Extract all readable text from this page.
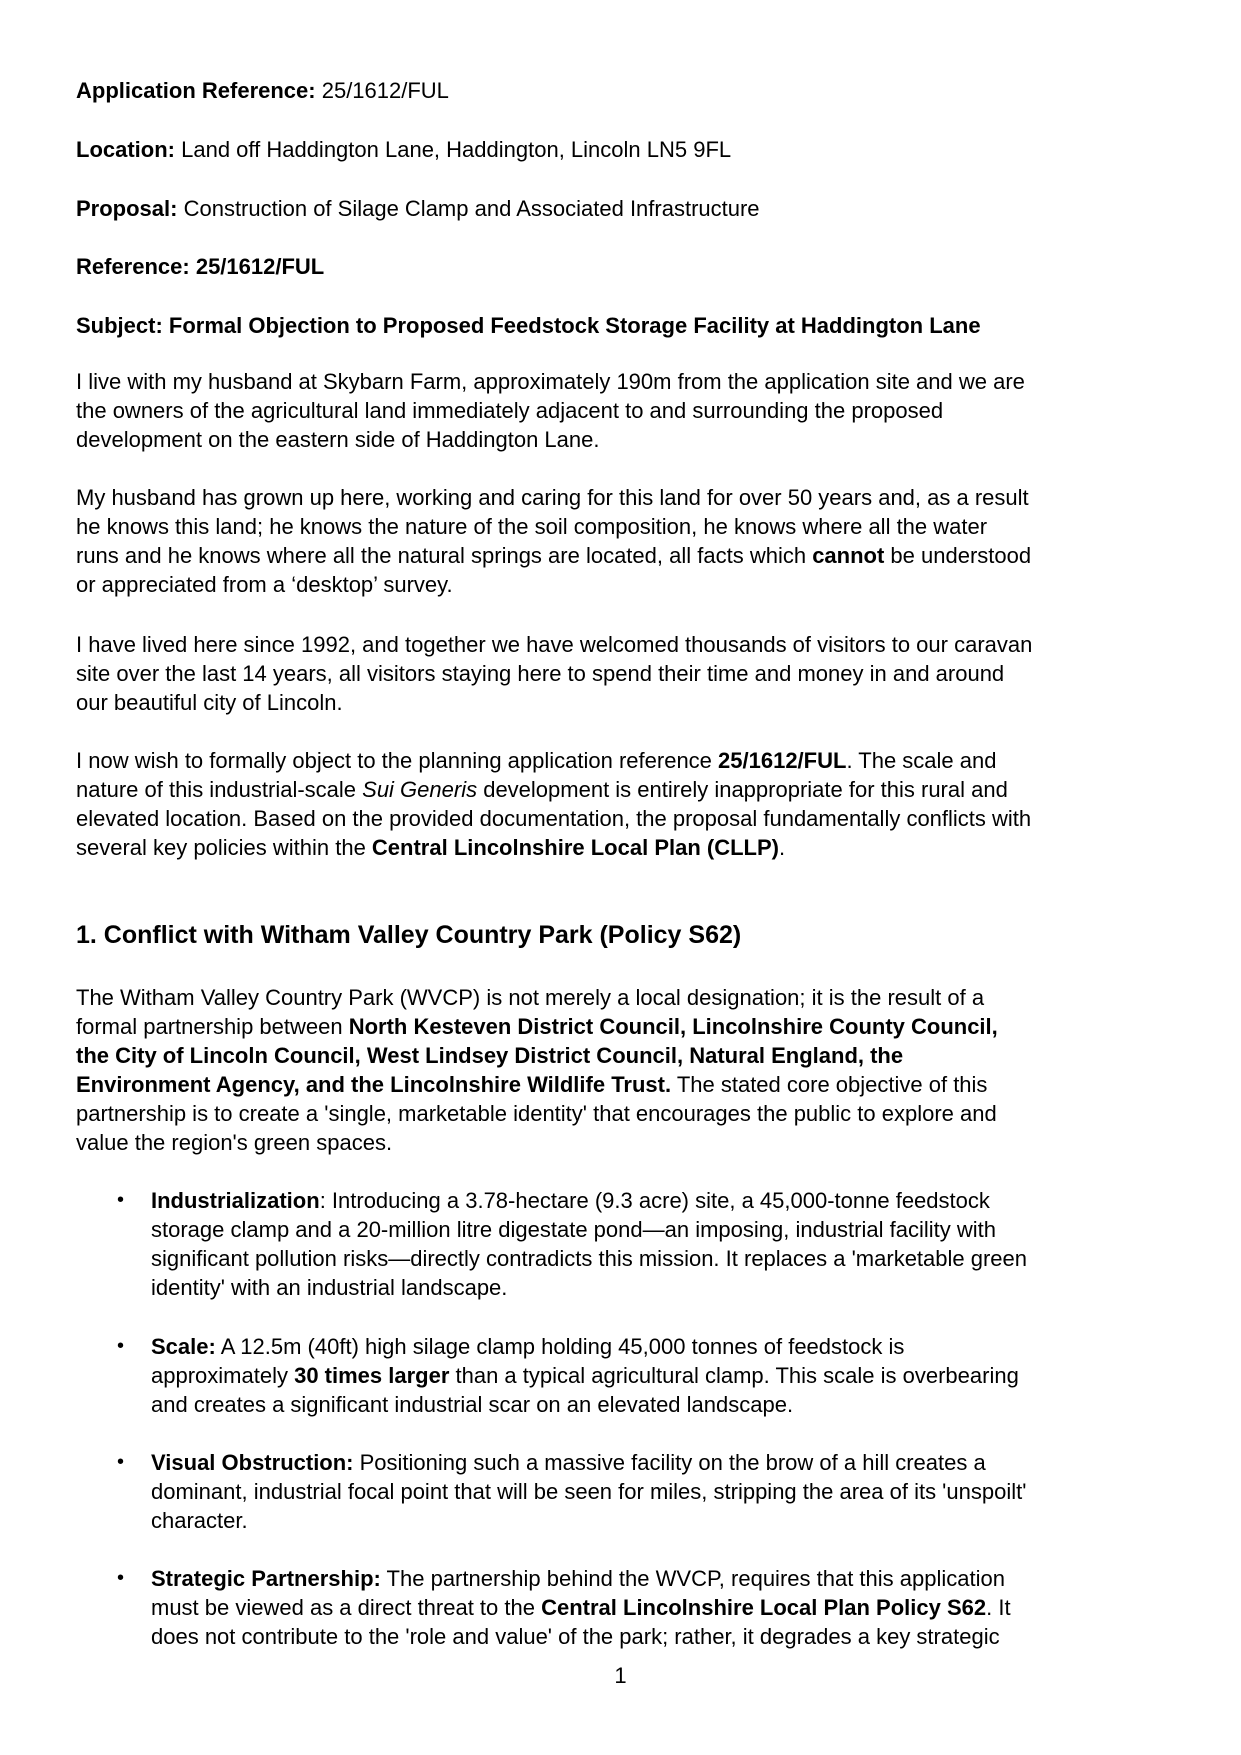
Application Reference: 25/1612/FUL
Location: Land off Haddington Lane, Haddington, Lincoln LN5 9FL
Proposal: Construction of Silage Clamp and Associated Infrastructure
Reference: 25/1612/FUL
Subject: Formal Objection to Proposed Feedstock Storage Facility at Haddington Lane
I live with my husband at Skybarn Farm, approximately 190m from the application site and we are
the owners of the agricultural land immediately adjacent to and surrounding the proposed
development on the eastern side of Haddington Lane.
My husband has grown up here, working and caring for this land for over 50 years and, as a result
he knows this land; he knows the nature of the soil composition, he knows where all the water
runs and he knows where all the natural springs are located, all facts which cannot be understood
or appreciated from a ‘desktop’ survey.
I have lived here since 1992, and together we have welcomed thousands of visitors to our caravan
site over the last 14 years, all visitors staying here to spend their time and money in and around
our beautiful city of Lincoln.
I now wish to formally object to the planning application reference 25/1612/FUL. The scale and
nature of this industrial-scale Sui Generis development is entirely inappropriate for this rural and
elevated location. Based on the provided documentation, the proposal fundamentally conflicts with
several key policies within the Central Lincolnshire Local Plan (CLLP).
1. Conflict with Witham Valley Country Park (Policy S62)
The Witham Valley Country Park (WVCP) is not merely a local designation; it is the result of a
formal partnership between North Kesteven District Council, Lincolnshire County Council,
the City of Lincoln Council, West Lindsey District Council, Natural England, the
Environment Agency, and the Lincolnshire Wildlife Trust. The stated core objective of this
partnership is to create a 'single, marketable identity' that encourages the public to explore and
value the region's green spaces.
• Industrialization: Introducing a 3.78-hectare (9.3 acre) site, a 45,000-tonne feedstock
storage clamp and a 20-million litre digestate pond—an imposing, industrial facility with
significant pollution risks—directly contradicts this mission. It replaces a 'marketable green
identity' with an industrial landscape.
• Scale: A 12.5m (40ft) high silage clamp holding 45,000 tonnes of feedstock is
approximately 30 times larger than a typical agricultural clamp. This scale is overbearing
and creates a significant industrial scar on an elevated landscape.
• Visual Obstruction: Positioning such a massive facility on the brow of a hill creates a
dominant, industrial focal point that will be seen for miles, stripping the area of its 'unspoilt'
character.
• Strategic Partnership: The partnership behind the WVCP, requires that this application
must be viewed as a direct threat to the Central Lincolnshire Local Plan Policy S62. It
does not contribute to the 'role and value' of the park; rather, it degrades a key strategic
1
